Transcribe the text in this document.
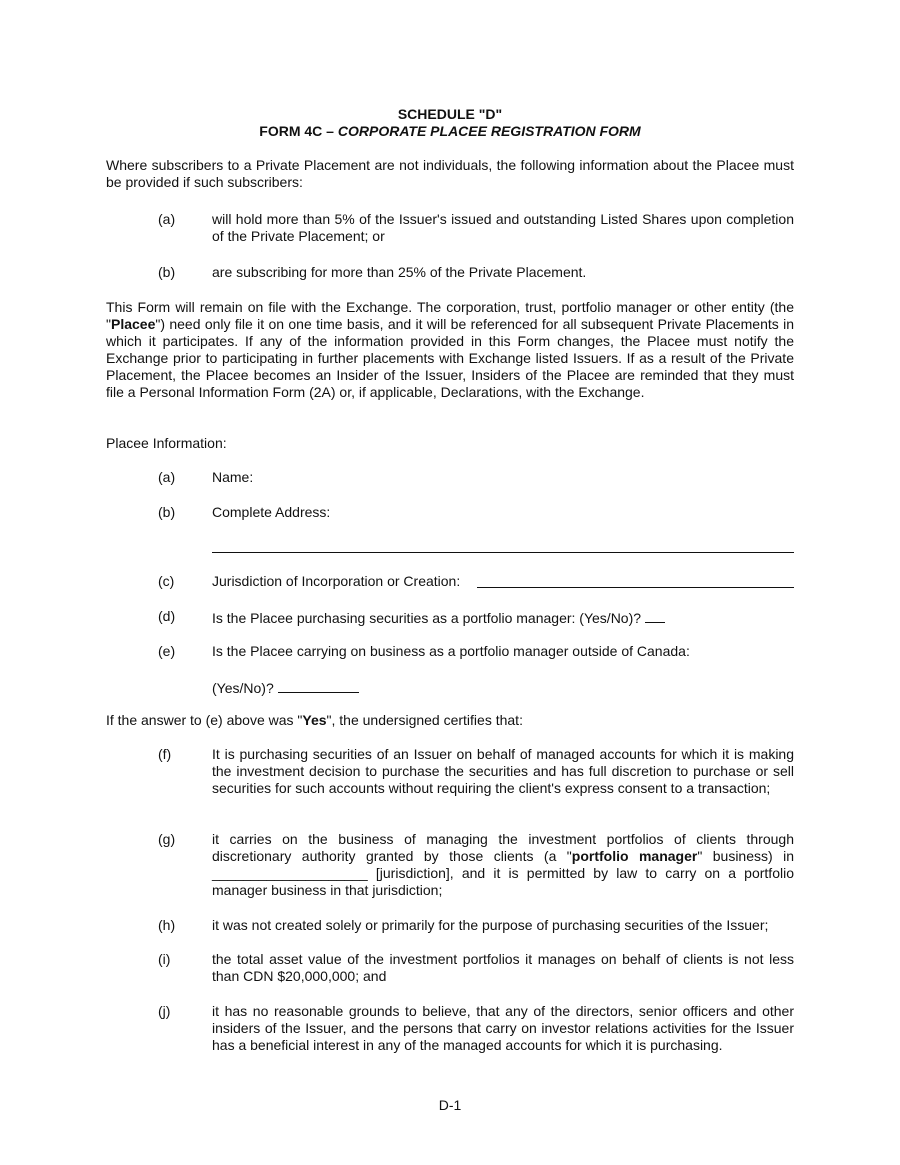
SCHEDULE "D"
FORM 4C – CORPORATE PLACEE REGISTRATION FORM
Where subscribers to a Private Placement are not individuals, the following information about the Placee must be provided if such subscribers:
(a)	will hold more than 5% of the Issuer's issued and outstanding Listed Shares upon completion of the Private Placement; or
(b)	are subscribing for more than 25% of the Private Placement.
This Form will remain on file with the Exchange. The corporation, trust, portfolio manager or other entity (the "Placee") need only file it on one time basis, and it will be referenced for all subsequent Private Placements in which it participates. If any of the information provided in this Form changes, the Placee must notify the Exchange prior to participating in further placements with Exchange listed Issuers. If as a result of the Private Placement, the Placee becomes an Insider of the Issuer, Insiders of the Placee are reminded that they must file a Personal Information Form (2A) or, if applicable, Declarations, with the Exchange.
Placee Information:
(a)	Name:
(b)	Complete Address:
(c)	Jurisdiction of Incorporation or Creation:
(d)	Is the Placee purchasing securities as a portfolio manager: (Yes/No)?
(e)	Is the Placee carrying on business as a portfolio manager outside of Canada:
(Yes/No)?
If the answer to (e) above was "Yes", the undersigned certifies that:
(f)	It is purchasing securities of an Issuer on behalf of managed accounts for which it is making the investment decision to purchase the securities and has full discretion to purchase or sell securities for such accounts without requiring the client's express consent to a transaction;
(g)	it carries on the business of managing the investment portfolios of clients through discretionary authority granted by those clients (a "portfolio manager" business) in ____________________ [jurisdiction], and it is permitted by law to carry on a portfolio manager business in that jurisdiction;
(h)	it was not created solely or primarily for the purpose of purchasing securities of the Issuer;
(i)	the total asset value of the investment portfolios it manages on behalf of clients is not less than CDN $20,000,000; and
(j)	it has no reasonable grounds to believe, that any of the directors, senior officers and other insiders of the Issuer, and the persons that carry on investor relations activities for the Issuer has a beneficial interest in any of the managed accounts for which it is purchasing.
D-1
